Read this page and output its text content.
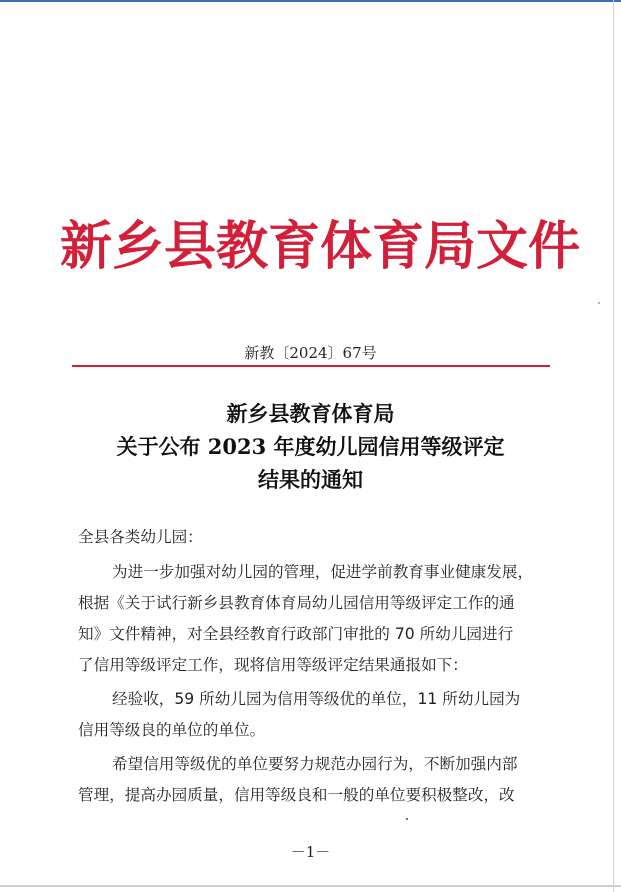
新乡县教育体育局文件
新教〔2024〕67号
新乡县教育体育局
关于公布 2023 年度幼儿园信用等级评定
结果的通知
全县各类幼儿园：
为进一步加强对幼儿园的管理，促进学前教育事业健康发展，
根据《关于试行新乡县教育体育局幼儿园信用等级评定工作的通
知》文件精神，对全县经教育行政部门审批的 70 所幼儿园进行
了信用等级评定工作，现将信用等级评定结果通报如下：
经验收，59 所幼儿园为信用等级优的单位，11 所幼儿园为
信用等级良的单位的单位。
希望信用等级优的单位要努力规范办园行为，不断加强内部
管理，提高办园质量，信用等级良和一般的单位要积极整改，改
－1－
